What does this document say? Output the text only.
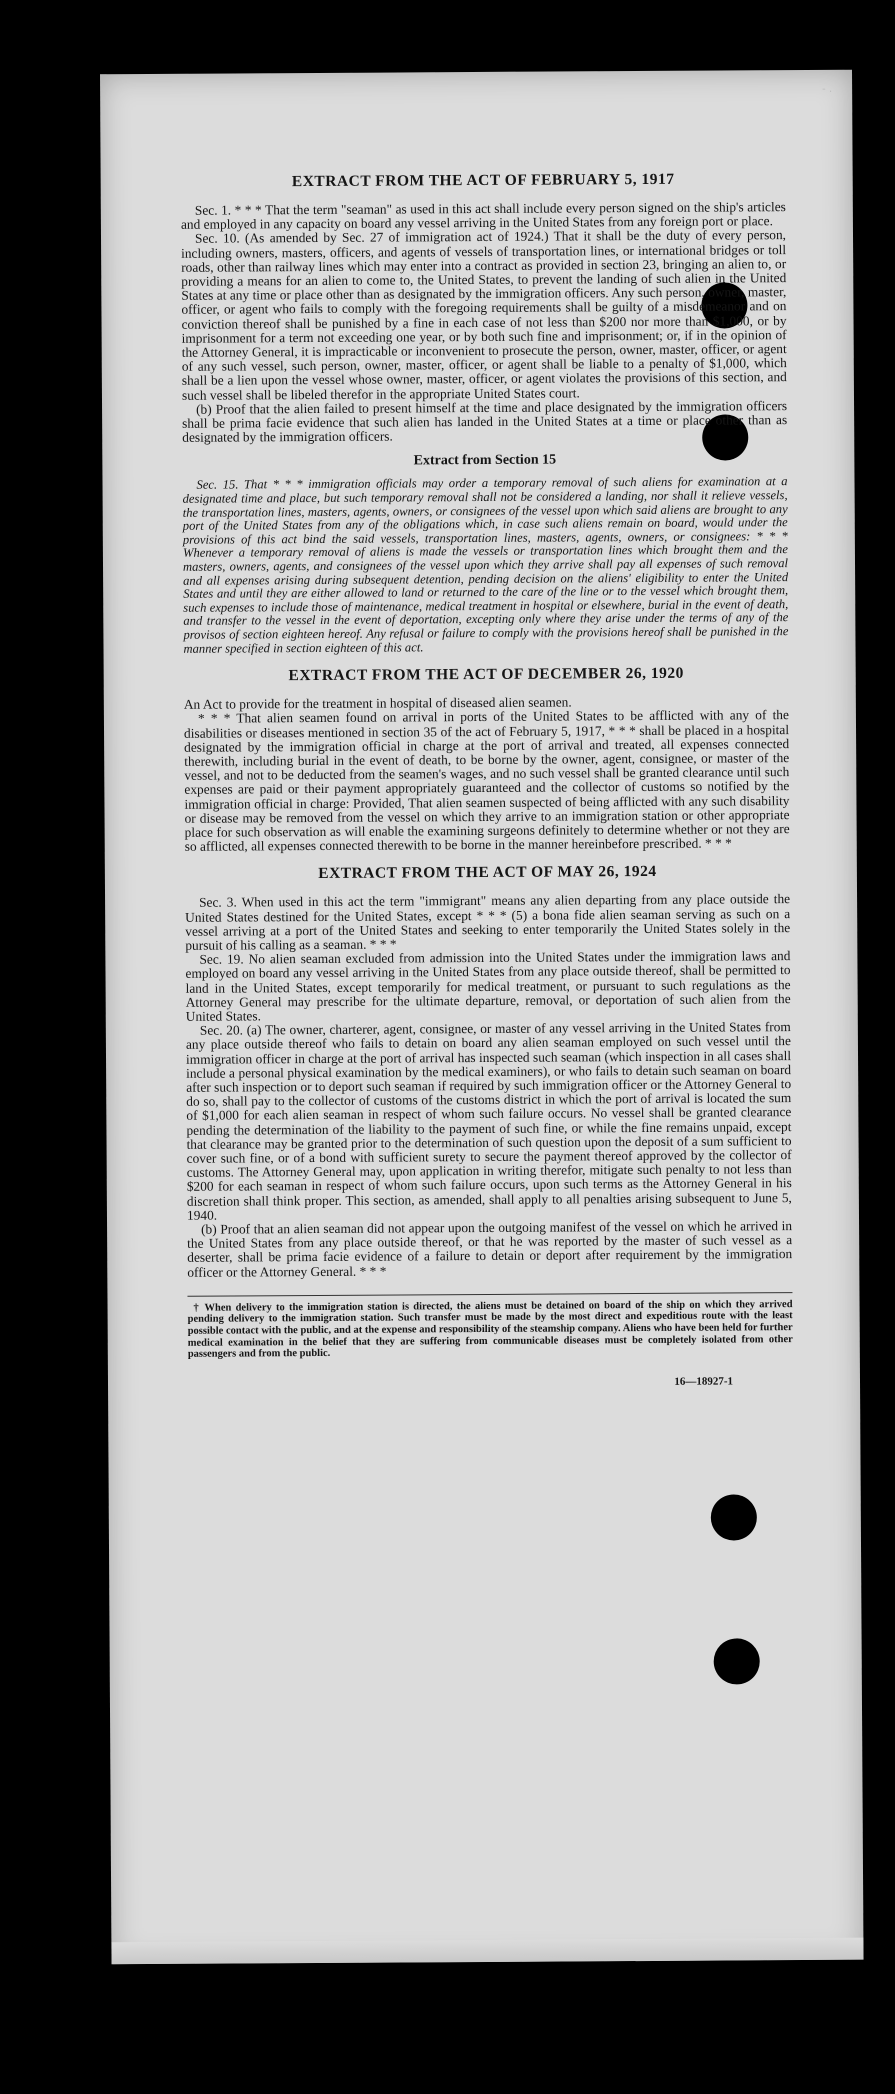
- .
EXTRACT FROM THE ACT OF FEBRUARY 5, 1917

Sec. 1. * * * That the term "seaman" as used in this act shall include every person signed on the ship's articles and employed in any capacity on board any vessel arriving in the United States from any foreign port or place.

Sec. 10. (As amended by Sec. 27 of immigration act of 1924.) That it shall be the duty of every person, including owners, masters, officers, and agents of vessels of transportation lines, or international bridges or toll roads, other than railway lines which may enter into a contract as provided in section 23, bringing an alien to, or providing a means for an alien to come to, the United States, to prevent the landing of such alien in the United States at any time or place other than as designated by the immigration officers. Any such person, owner, master, officer, or agent who fails to comply with the foregoing requirements shall be guilty of a misdemeanor and on conviction thereof shall be punished by a fine in each case of not less than $200 nor more than $1,000, or by imprisonment for a term not exceeding one year, or by both such fine and imprisonment; or, if in the opinion of the Attorney General, it is impracticable or inconvenient to prosecute the person, owner, master, officer, or agent of any such vessel, such person, owner, master, officer, or agent shall be liable to a penalty of $1,000, which shall be a lien upon the vessel whose owner, master, officer, or agent violates the provisions of this section, and such vessel shall be libeled therefor in the appropriate United States court.

(b) Proof that the alien failed to present himself at the time and place designated by the immigration officers shall be prima facie evidence that such alien has landed in the United States at a time or place other than as designated by the immigration officers.

Extract from Section 15

Sec. 15. That * * * immigration officials may order a temporary removal of such aliens for examination at a designated time and place, but such temporary removal shall not be considered a landing, nor shall it relieve vessels, the transportation lines, masters, agents, owners, or consignees of the vessel upon which said aliens are brought to any port of the United States from any of the obligations which, in case such aliens remain on board, would under the provisions of this act bind the said vessels, transportation lines, masters, agents, owners, or consignees: * * * Whenever a temporary removal of aliens is made the vessels or transportation lines which brought them and the masters, owners, agents, and consignees of the vessel upon which they arrive shall pay all expenses of such removal and all expenses arising during subsequent detention, pending decision on the aliens' eligibility to enter the United States and until they are either allowed to land or returned to the care of the line or to the vessel which brought them, such expenses to include those of maintenance, medical treatment in hospital or elsewhere, burial in the event of death, and transfer to the vessel in the event of deportation, excepting only where they arise under the terms of any of the provisos of section eighteen hereof. Any refusal or failure to comply with the provisions hereof shall be punished in the manner specified in section eighteen of this act.

EXTRACT FROM THE ACT OF DECEMBER 26, 1920

An Act to provide for the treatment in hospital of diseased alien seamen.

* * * That alien seamen found on arrival in ports of the United States to be afflicted with any of the disabilities or diseases mentioned in section 35 of the act of February 5, 1917, * * * shall be placed in a hospital designated by the immigration official in charge at the port of arrival and treated, all expenses connected therewith, including burial in the event of death, to be borne by the owner, agent, consignee, or master of the vessel, and not to be deducted from the seamen's wages, and no such vessel shall be granted clearance until such expenses are paid or their payment appropriately guaranteed and the collector of customs so notified by the immigration official in charge: Provided, That alien seamen suspected of being afflicted with any such disability or disease may be removed from the vessel on which they arrive to an immigration station or other appropriate place for such observation as will enable the examining surgeons definitely to determine whether or not they are so afflicted, all expenses connected therewith to be borne in the manner hereinbefore prescribed. * * *

EXTRACT FROM THE ACT OF MAY 26, 1924

Sec. 3. When used in this act the term "immigrant" means any alien departing from any place outside the United States destined for the United States, except * * * (5) a bona fide alien seaman serving as such on a vessel arriving at a port of the United States and seeking to enter temporarily the United States solely in the pursuit of his calling as a seaman. * * *

Sec. 19. No alien seaman excluded from admission into the United States under the immigration laws and employed on board any vessel arriving in the United States from any place outside thereof, shall be permitted to land in the United States, except temporarily for medical treatment, or pursuant to such regulations as the Attorney General may prescribe for the ultimate departure, removal, or deportation of such alien from the United States.

Sec. 20. (a) The owner, charterer, agent, consignee, or master of any vessel arriving in the United States from any place outside thereof who fails to detain on board any alien seaman employed on such vessel until the immigration officer in charge at the port of arrival has inspected such seaman (which inspection in all cases shall include a personal physical examination by the medical examiners), or who fails to detain such seaman on board after such inspection or to deport such seaman if required by such immigration officer or the Attorney General to do so, shall pay to the collector of customs of the customs district in which the port of arrival is located the sum of $1,000 for each alien seaman in respect of whom such failure occurs. No vessel shall be granted clearance pending the determination of the liability to the payment of such fine, or while the fine remains unpaid, except that clearance may be granted prior to the determination of such question upon the deposit of a sum sufficient to cover such fine, or of a bond with sufficient surety to secure the payment thereof approved by the collector of customs. The Attorney General may, upon application in writing therefor, mitigate such penalty to not less than $200 for each seaman in respect of whom such failure occurs, upon such terms as the Attorney General in his discretion shall think proper. This section, as amended, shall apply to all penalties arising subsequent to June 5, 1940.

(b) Proof that an alien seaman did not appear upon the outgoing manifest of the vessel on which he arrived in the United States from any place outside thereof, or that he was reported by the master of such vessel as a deserter, shall be prima facie evidence of a failure to detain or deport after requirement by the immigration officer or the Attorney General. * * *

† When delivery to the immigration station is directed, the aliens must be detained on board of the ship on which they arrived pending delivery to the immigration station. Such transfer must be made by the most direct and expeditious route with the least possible contact with the public, and at the expense and responsibility of the steamship company. Aliens who have been held for further medical examination in the belief that they are suffering from communicable diseases must be completely isolated from other passengers and from the public.

16—18927-1
